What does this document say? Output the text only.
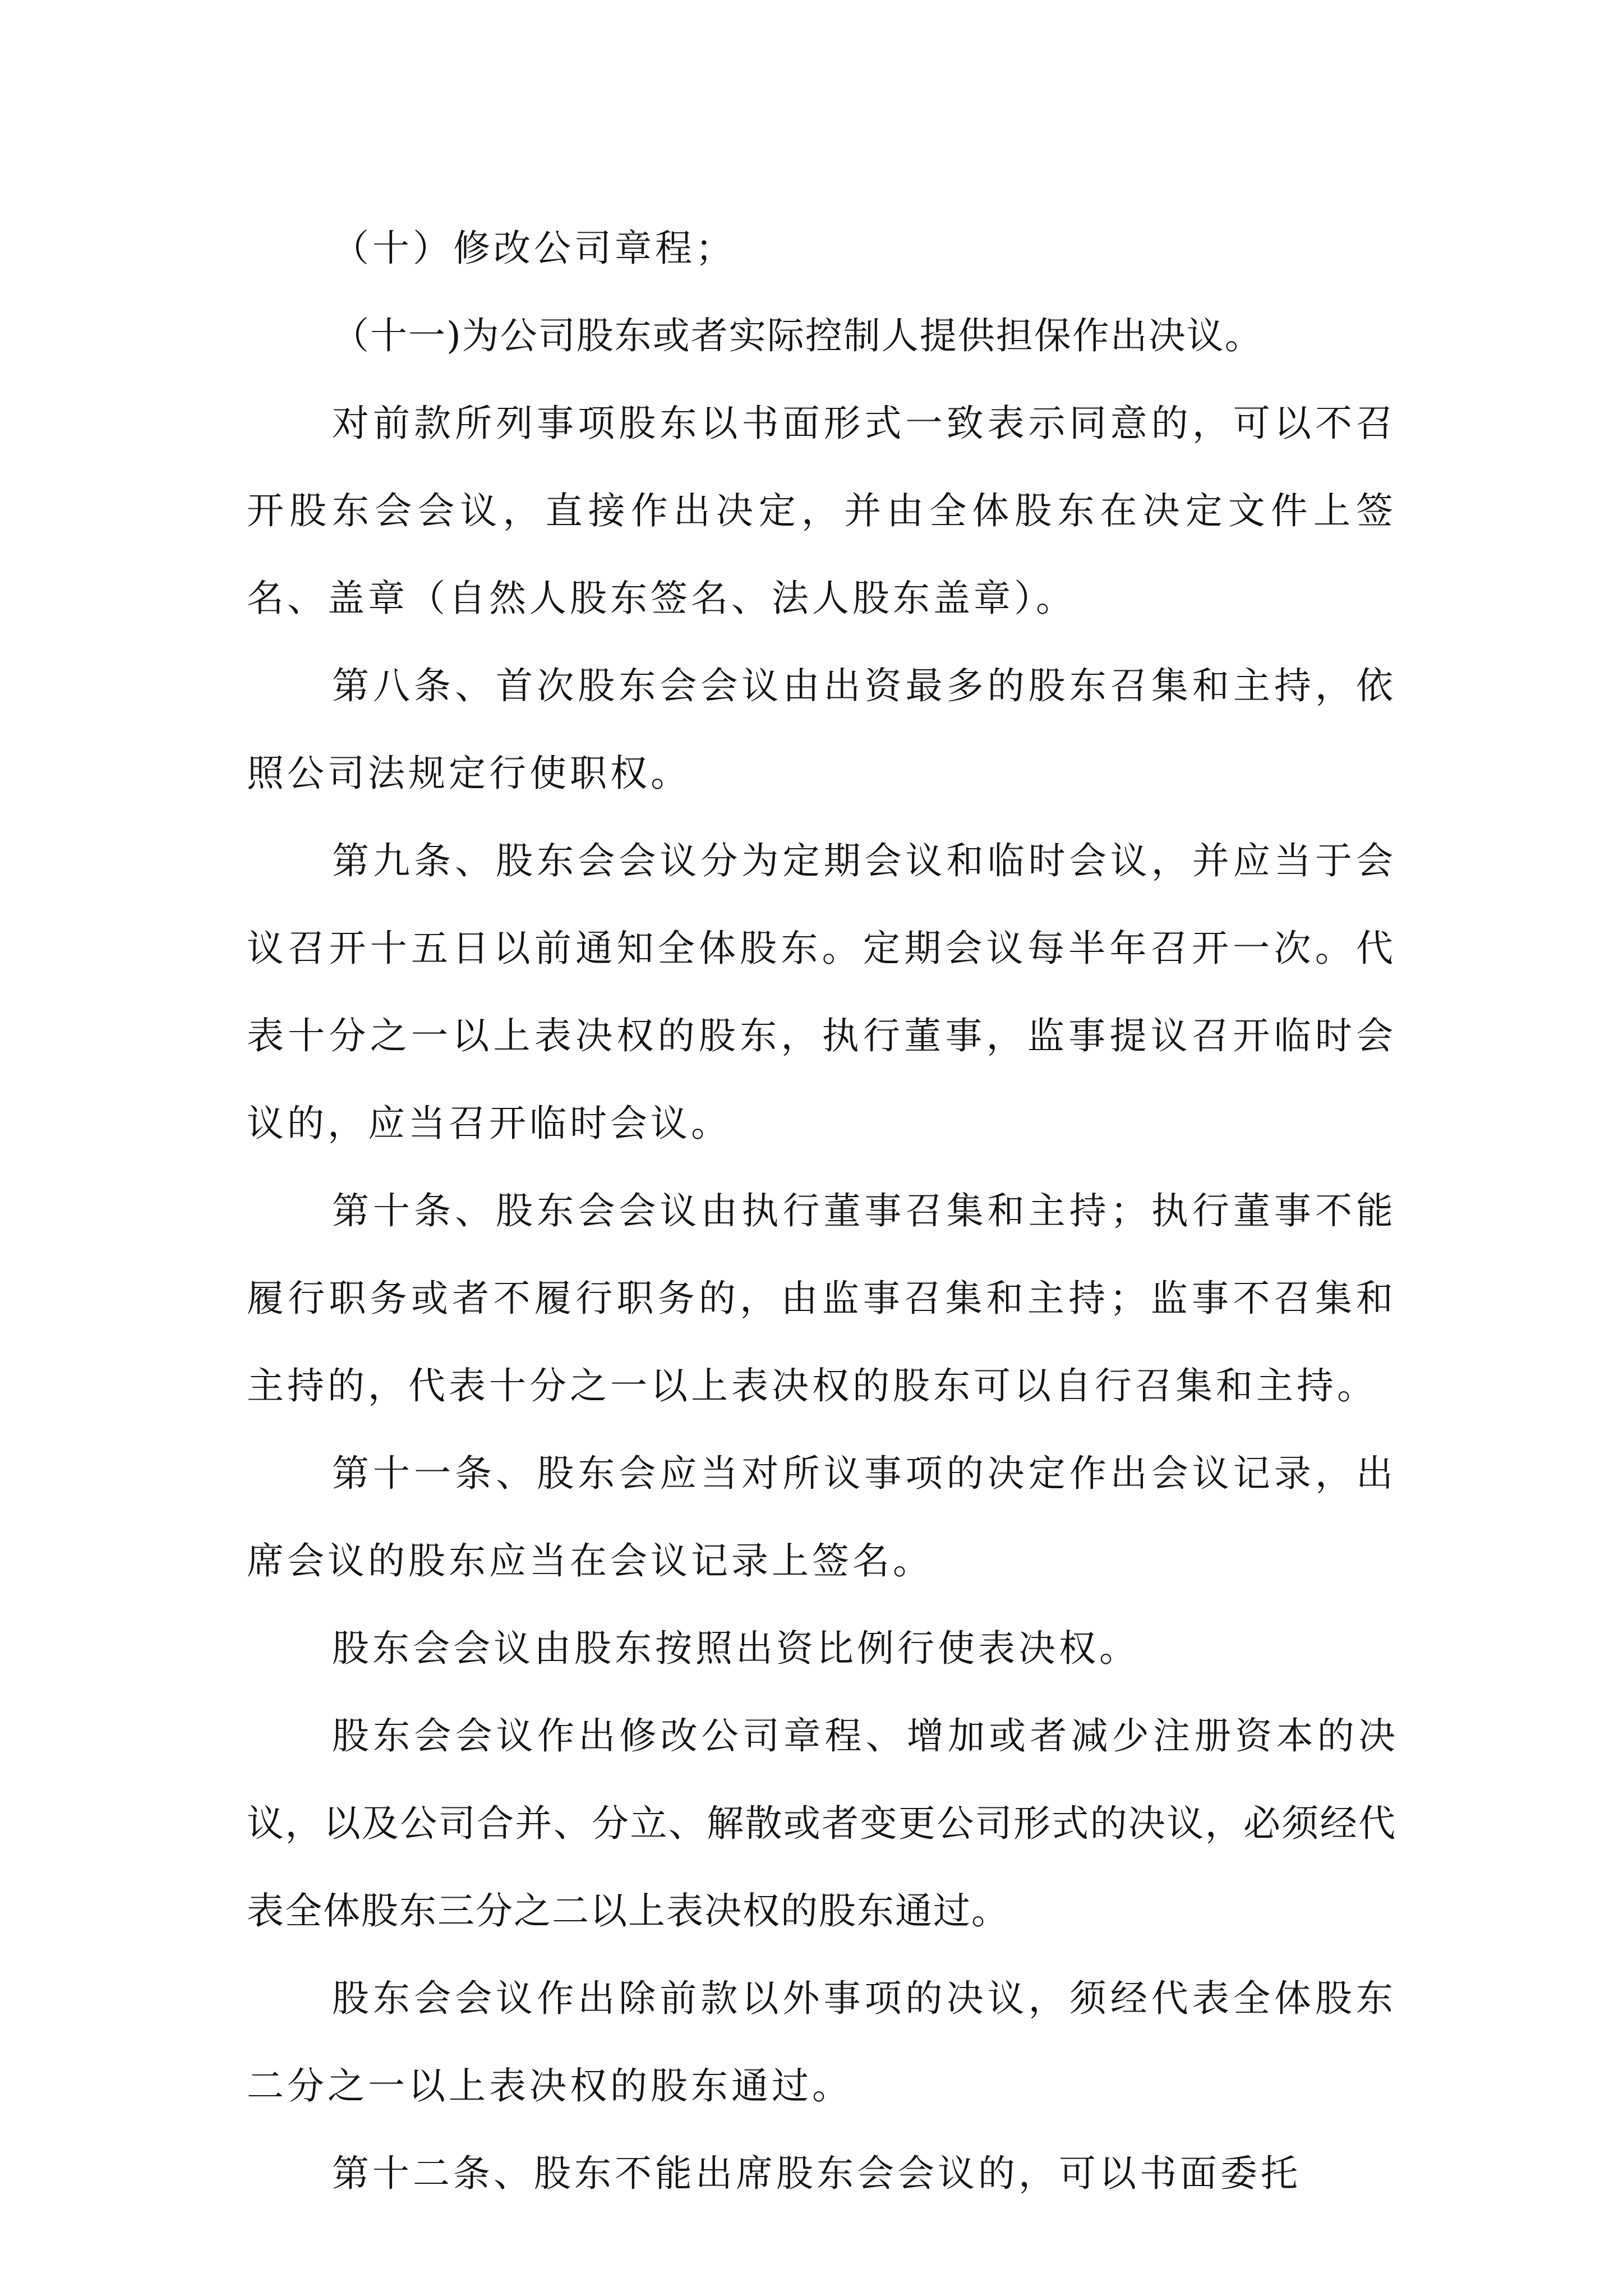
（十）修改公司章程；

（十一)为公司股东或者实际控制人提供担保作出决议。

对前款所列事项股东以书面形式一致表示同意的，可以不召开股东会会议，直接作出决定，并由全体股东在决定文件上签名、盖章（自然人股东签名、法人股东盖章）。

第八条、首次股东会会议由出资最多的股东召集和主持，依照公司法规定行使职权。

第九条、股东会会议分为定期会议和临时会议，并应当于会议召开十五日以前通知全体股东。定期会议每半年召开一次。代表十分之一以上表决权的股东，执行董事，监事提议召开临时会议的，应当召开临时会议。

第十条、股东会会议由执行董事召集和主持；执行董事不能履行职务或者不履行职务的，由监事召集和主持；监事不召集和主持的，代表十分之一以上表决权的股东可以自行召集和主持。

第十一条、股东会应当对所议事项的决定作出会议记录，出席会议的股东应当在会议记录上签名。

股东会会议由股东按照出资比例行使表决权。

股东会会议作出修改公司章程、增加或者减少注册资本的决议，以及公司合并、分立、解散或者变更公司形式的决议，必须经代表全体股东三分之二以上表决权的股东通过。

股东会会议作出除前款以外事项的决议，须经代表全体股东二分之一以上表决权的股东通过。

第十二条、股东不能出席股东会会议的，可以书面委托
